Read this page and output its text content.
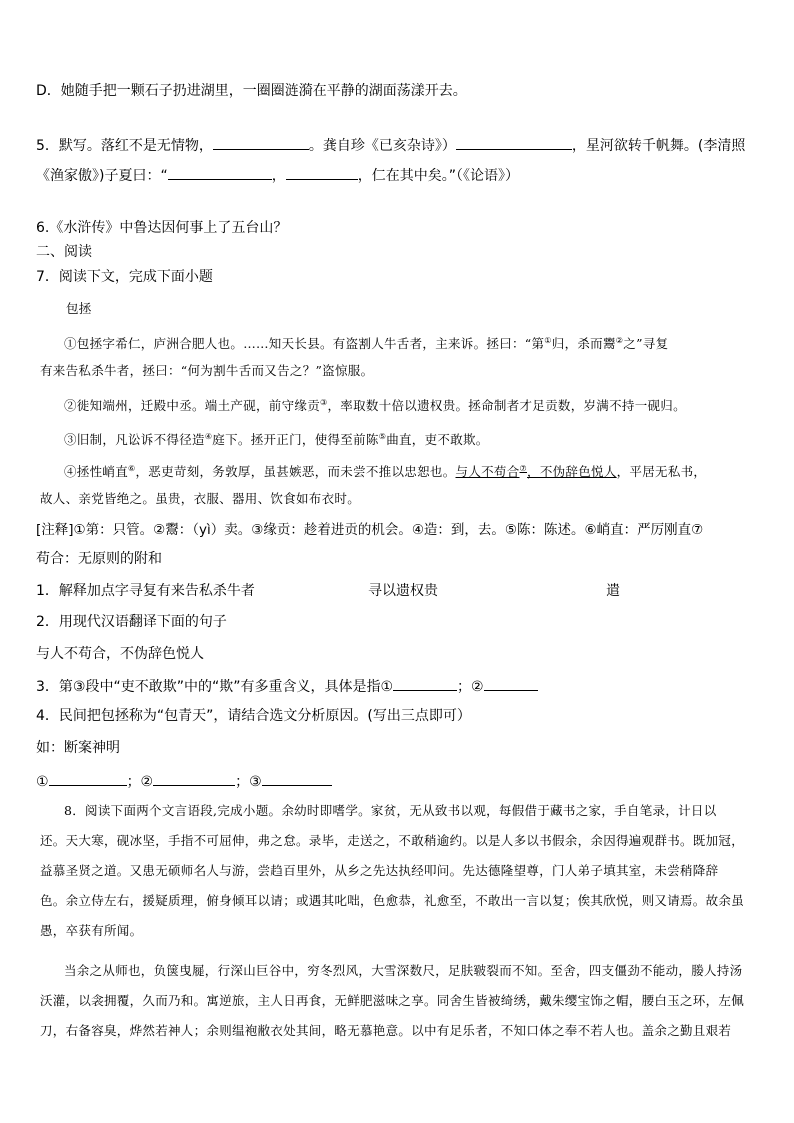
D．她随手把一颗石子扔进湖里，一圈圈涟漪在平静的湖面荡漾开去。
5．默写。落红不是无情物，	。龚自珍《已亥杂诗》）	，星河欲转千帆舞。(李清照
《渔家傲》)子夏曰：“	，	，仁在其中矣。”（《论语》）
6.《水浒传》中鲁达因何事上了五台山？
二、阅读
7．阅读下文，完成下面小题
包拯
①包拯字希仁，庐洲合肥人也。……知天长县。有盗割人牛舌者，主来诉。拯曰：“第①归，杀而鬻②之”寻复
有来告私杀牛者，拯曰：“何为割牛舌而又告之？”盗惊服。
②徙知端州，迁殿中丞。端土产砚，前守缘贡③，率取数十倍以遗权贵。拯命制者才足贡数，岁满不持一砚归。
③旧制，凡讼诉不得径造④庭下。拯开正门，使得至前陈⑤曲直，吏不敢欺。
④拯性峭直⑥，恶吏苛刻，务敦厚，虽甚嫉恶，而未尝不推以忠恕也。与人不苟合⑦，不伪辞色悦人，平居无私书，
故人、亲党皆绝之。虽贵，衣服、器用、饮食如布衣时。
[注释]①第：只管。②鬻：（yì）卖。③缘贡：趁着进贡的机会。④造：到，去。⑤陈：陈述。⑥峭直：严厉刚直⑦
苟合：无原则的附和
1．解释加点字寻复有来告私杀牛者	寻以遗权贵	遣
2．用现代汉语翻译下面的句子
与人不苟合，不伪辞色悦人
3．第③段中“吏不敢欺”中的“欺”有多重含义，具体是指①	；②
4．民间把包拯称为“包青天”，请结合选文分析原因。(写出三点即可）
如：断案神明
①	；②	；③
8．阅读下面两个文言语段,完成小题。余幼时即嗜学。家贫，无从致书以观，每假借于藏书之家，手自笔录，计日以
还。天大寒，砚冰坚，手指不可屈伸，弗之怠。录毕，走送之，不敢稍逾约。以是人多以书假余，余因得遍观群书。既加冠，
益慕圣贤之道。又患无硕师名人与游，尝趋百里外，从乡之先达执经叩问。先达德隆望尊，门人弟子填其室，未尝稍降辞
色。余立侍左右，援疑质理，俯身倾耳以请；或遇其叱咄，色愈恭，礼愈至，不敢出一言以复；俟其欣悦，则又请焉。故余虽
愚，卒获有所闻。
当余之从师也，负箧曳屣，行深山巨谷中，穷冬烈风，大雪深数尺，足肤皲裂而不知。至舍，四支僵劲不能动，媵人持汤
沃灌，以衾拥覆，久而乃和。寓逆旅，主人日再食，无鲜肥滋味之享。同舍生皆被绮绣，戴朱缨宝饰之帽，腰白玉之环，左佩
刀，右备容臭，烨然若神人；余则缊袍敝衣处其间，略无慕艳意。以中有足乐者，不知口体之奉不若人也。盖余之勤且艰若
